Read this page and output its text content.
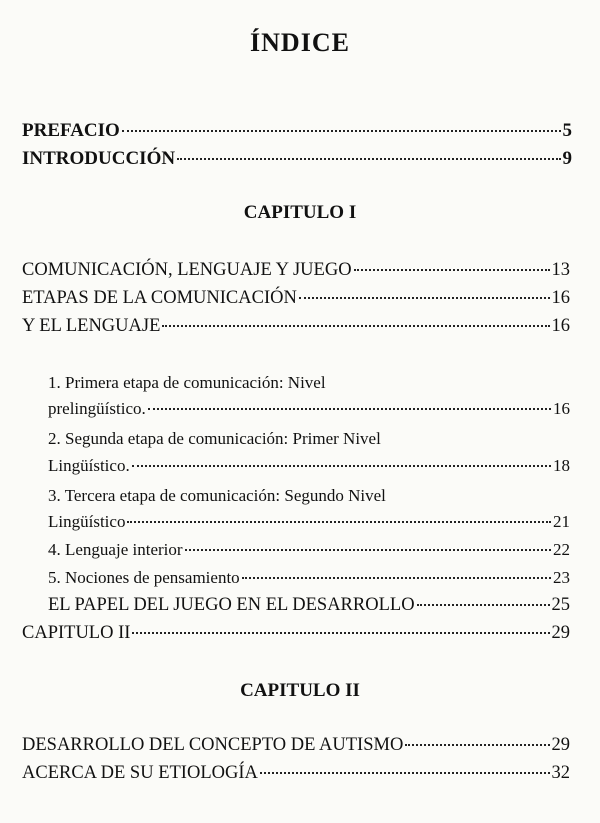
ÍNDICE
PREFACIO	5
INTRODUCCIÓN	9
CAPITULO I
COMUNICACIÓN, LENGUAJE Y JUEGO	13
ETAPAS DE LA COMUNICACIÓN	16
Y EL LENGUAJE	16
1. Primera etapa de comunicación: Nivel
prelingüístico.	16
2. Segunda etapa de comunicación: Primer Nivel
Lingüístico.	18
3. Tercera etapa de comunicación: Segundo Nivel
Lingüístico	21
4. Lenguaje interior	22
5. Nociones de pensamiento	23
EL PAPEL DEL JUEGO EN EL DESARROLLO	25
CAPITULO II	29
CAPITULO II
DESARROLLO DEL CONCEPTO DE AUTISMO	29
ACERCA DE SU ETIOLOGÍA	32
